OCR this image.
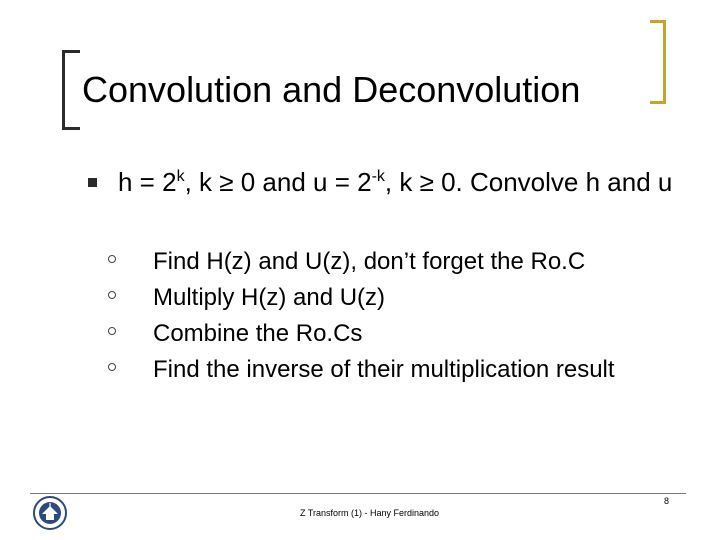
Convolution and Deconvolution

$h = 2^k$, k ≥ 0 and $u = 2^{-k}$, k ≥ 0. Convolve h and u

Find H(z) and U(z), don’t forget the Ro.C
Multiply H(z) and U(z)
Combine the Ro.Cs
Find the inverse of their multiplication result
Z Transform (1) - Hany Ferdinando
8
